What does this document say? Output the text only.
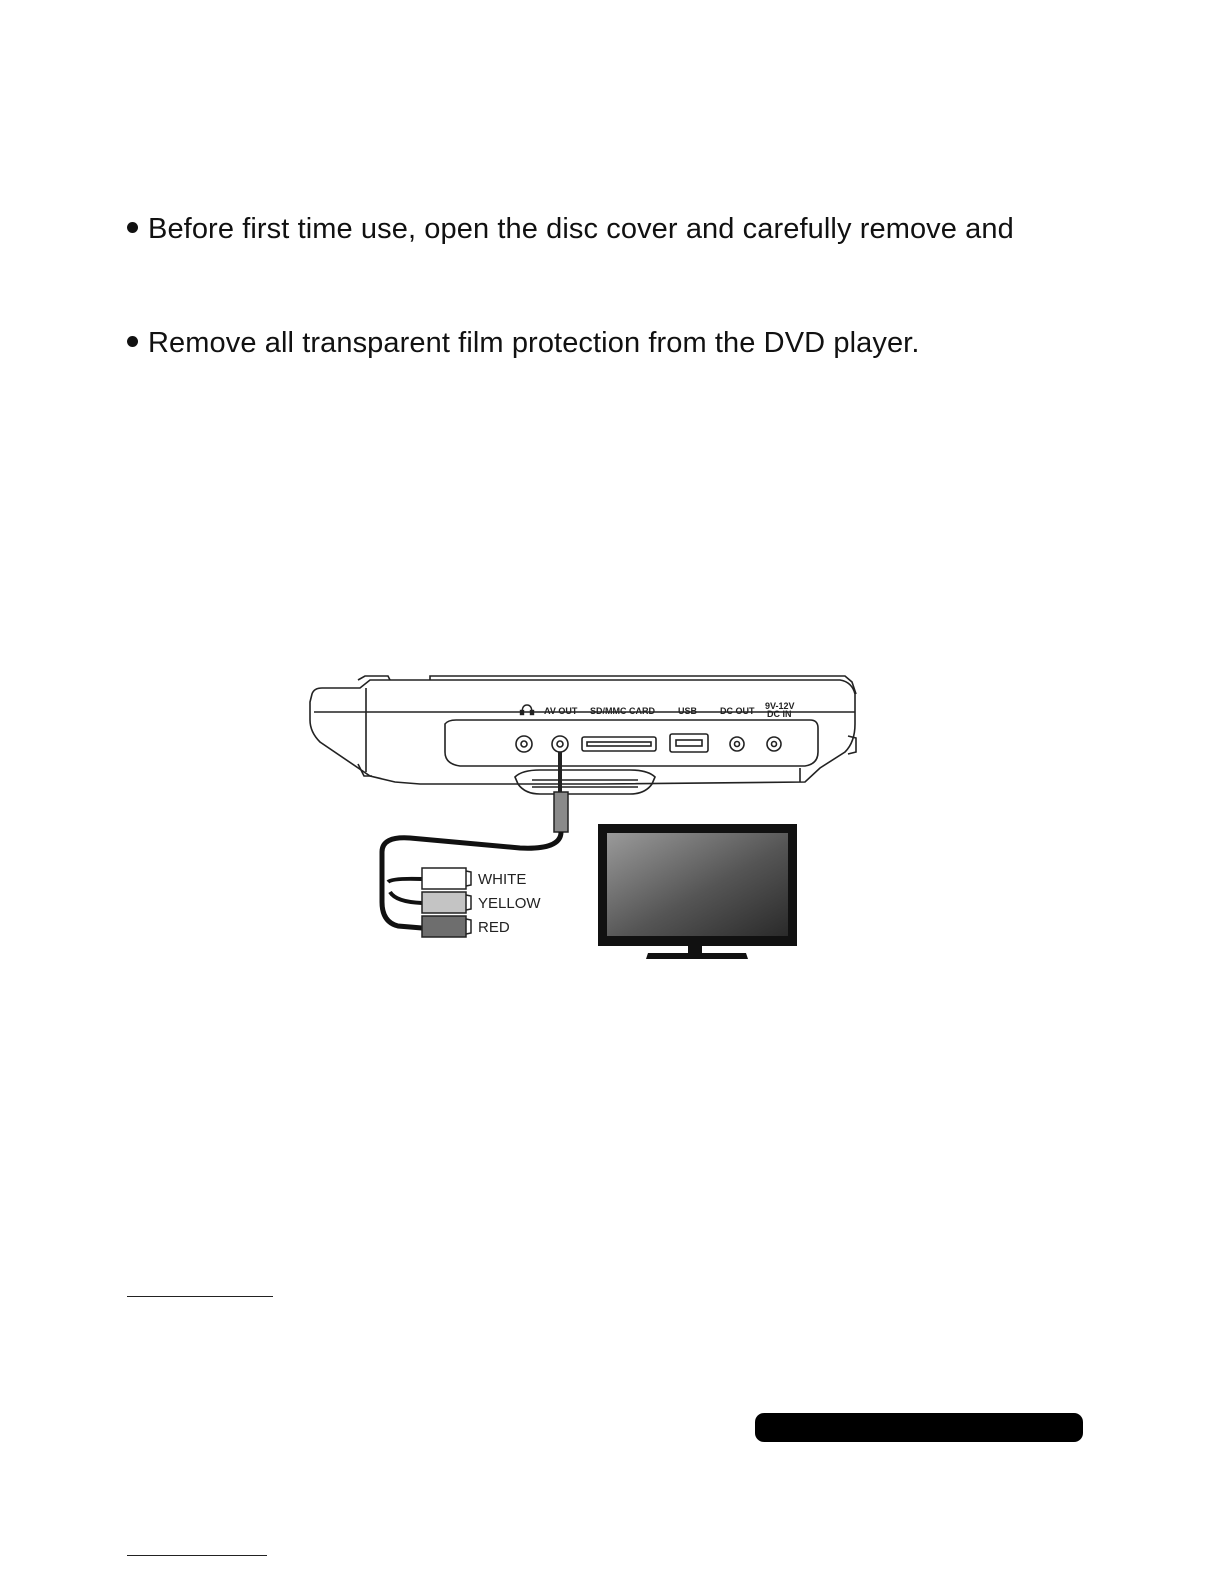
Before first time use, open the disc cover and carefully remove and
Remove all transparent film protection from the DVD player.
AV OUT SD/MMC CARD	USB	DC OUT 9V-12V
DC IN
WHITE
YELLOW
RED
